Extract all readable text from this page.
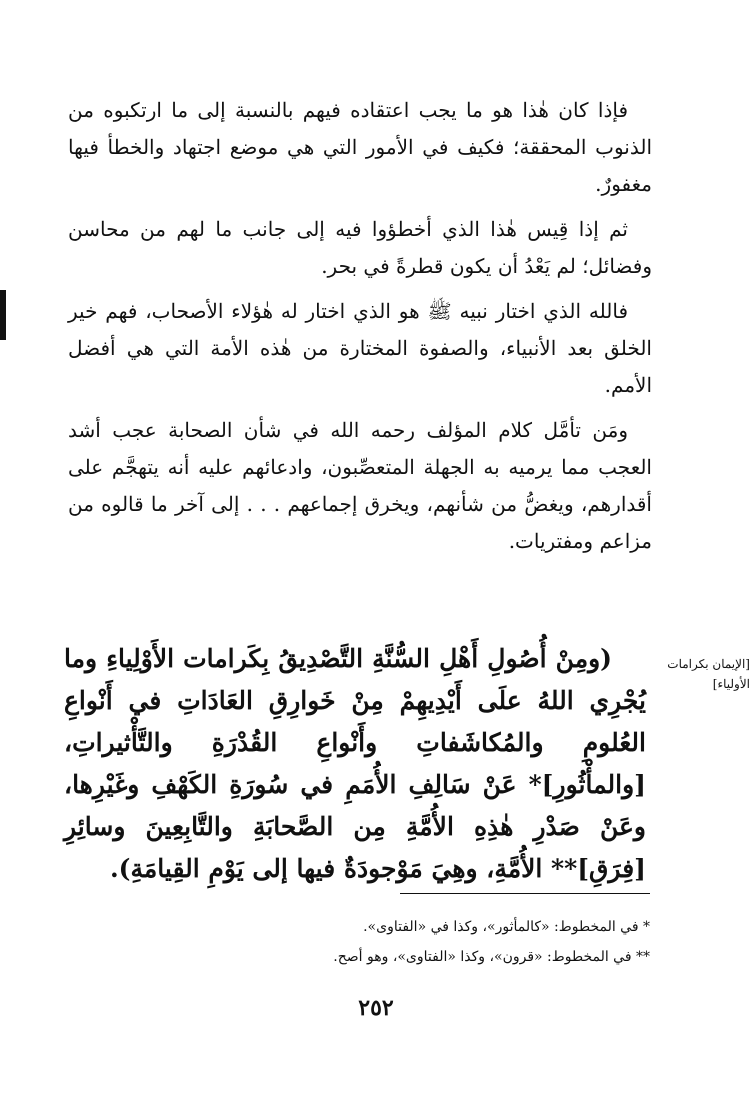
فإذا كان هٰذا هو ما يجب اعتقاده فيهم بالنسبة إلى ما ارتكبوه من الذنوب المحققة؛ فكيف في الأمور التي هي موضع اجتهاد والخطأ فيها مغفورٌ.

ثم إذا قِيس هٰذا الذي أخطؤوا فيه إلى جانب ما لهم من محاسن وفضائل؛ لم يَعْدُ أن يكون قطرةً في بحر.

فالله الذي اختار نبيه ﷺ هو الذي اختار له هٰؤلاء الأصحاب، فهم خير الخلق بعد الأنبياء، والصفوة المختارة من هٰذه الأمة التي هي أفضل الأمم.

ومَن تأمَّل كلام المؤلف رحمه الله في شأن الصحابة عجب أشد العجب مما يرميه به الجهلة المتعصِّبون، وادعائهم عليه أنه يتهجَّم على أقدارهم، ويغضُّ من شأنهم، ويخرق إجماعهم . . . إلى آخر ما قالوه من مزاعم ومفتريات.

[الإيمان بكرامات الأولياء]
(ومِنْ أُصُولِ أَهْلِ السُّنَّةِ التَّصْدِيقُ بِكَرامات الأَوْلِياءِ وما يُجْرِي اللهُ علَى أَيْدِيهِمْ مِنْ خَوارِقِ العَادَاتِ في أَنْواعِ العُلومِ والمُكاشَفاتِ وأَنْواعِ القُدْرَةِ والتَّأْثيراتِ، [والمأْثُورِ]* عَنْ سَالِفِ الأُمَمِ في سُورَةِ الكَهْفِ وغَيْرِها، وعَنْ صَدْرِ هٰذِهِ الأُمَّةِ مِن الصَّحابَةِ والتَّابِعِينَ وسائِرِ [فِرَقِ]** الأُمَّةِ، وهِيَ مَوْجودَةٌ فيها إلى يَوْمِ القِيامَةِ).
* في المخطوط: «كالمأثور»، وكذا في «الفتاوى».
** في المخطوط: «قرون»، وكذا «الفتاوى»، وهو أصح.
٢٥٢
